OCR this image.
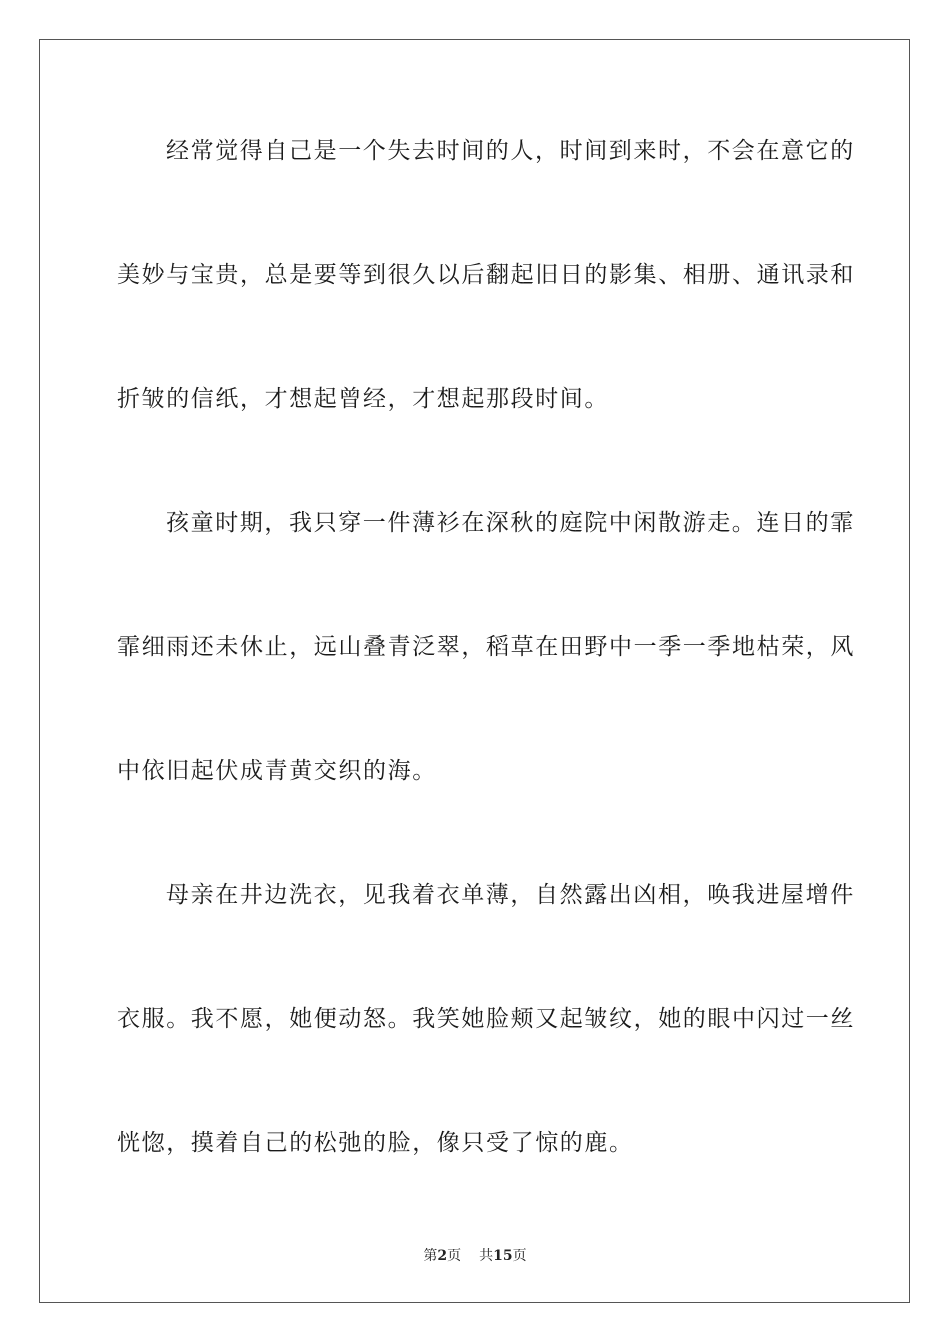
经常觉得自己是一个失去时间的人，时间到来时，不会在意它的
美妙与宝贵，总是要等到很久以后翻起旧日的影集、相册、通讯录和
折皱的信纸，才想起曾经，才想起那段时间。
孩童时期，我只穿一件薄衫在深秋的庭院中闲散游走。连日的霏
霏细雨还未休止，远山叠青泛翠，稻草在田野中一季一季地枯荣，风
中依旧起伏成青黄交织的海。
母亲在井边洗衣，见我着衣单薄，自然露出凶相，唤我进屋增件
衣服。我不愿，她便动怒。我笑她脸颊又起皱纹，她的眼中闪过一丝
恍惚，摸着自己的松弛的脸，像只受了惊的鹿。
第2页 共15页
